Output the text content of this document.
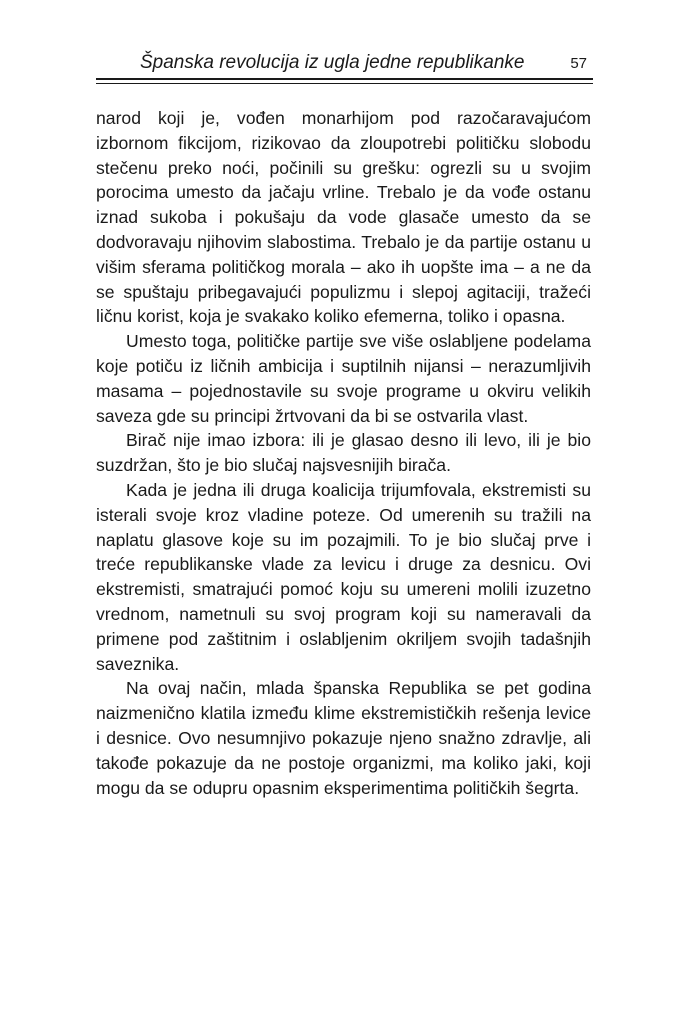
Španska revolucija iz ugla jedne republikanke	57

narod koji je, vođen monarhijom pod razočaravajućom izbornom fikcijom, rizikovao da zloupotrebi političku slobodu stečenu preko noći, počinili su grešku: ogrezli su u svojim porocima umesto da jačaju vrline. Trebalo je da vođe ostanu iznad sukoba i pokušaju da vode glasače umesto da se dodvoravaju njihovim slabostima. Trebalo je da partije ostanu u višim sferama političkog morala – ako ih uopšte ima – a ne da se spuštaju pribegavajući populizmu i slepoj agitaciji, tražeći ličnu korist, koja je svakako koliko efemerna, toliko i opasna.

Umesto toga, političke partije sve više oslabljene podelama koje potiču iz ličnih ambicija i suptilnih nijansi – nerazumljivih masama – pojednostavile su svoje programe u okviru velikih saveza gde su principi žrtvovani da bi se ostvarila vlast.

Birač nije imao izbora: ili je glasao desno ili levo, ili je bio suzdržan, što je bio slučaj najsvesnijih birača.

Kada je jedna ili druga koalicija trijumfovala, ekstremisti su isterali svoje kroz vladine poteze. Od umerenih su tražili na naplatu glasove koje su im pozajmili. To je bio slučaj prve i treće republikanske vlade za levicu i druge za desnicu. Ovi ekstremisti, smatrajući pomoć koju su umereni molili izuzetno vrednom, nametnuli su svoj program koji su nameravali da primene pod zaštitnim i oslabljenim okriljem svojih tadašnjih saveznika.

Na ovaj način, mlada španska Republika se pet godina naizmenično klatila između klime ekstremističkih rešenja levice i desnice. Ovo nesumnjivo pokazuje njeno snažno zdravlje, ali takođe pokazuje da ne postoje organizmi, ma koliko jaki, koji mogu da se odupru opasnim eksperimentima političkih šegrta.
